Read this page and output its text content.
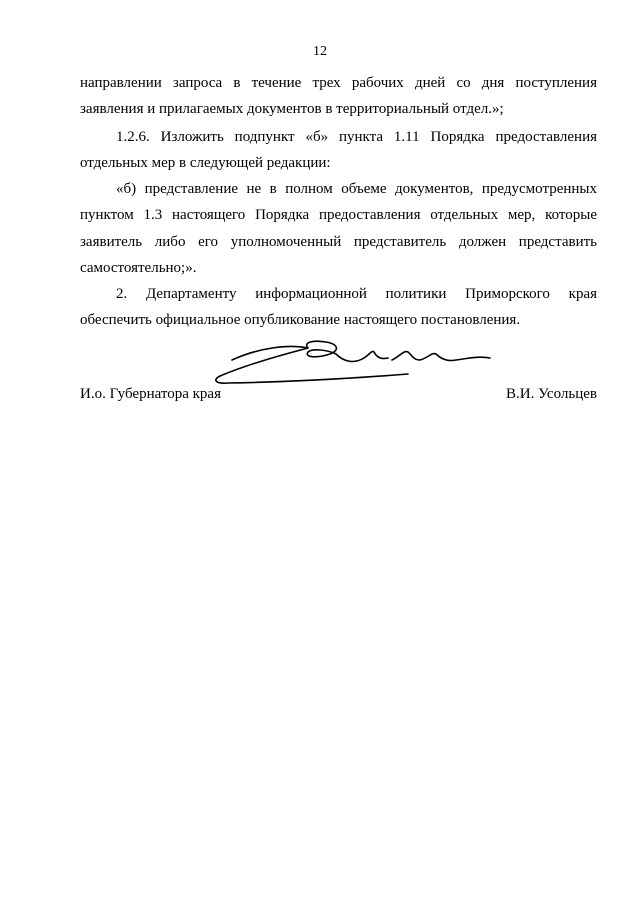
12
направлении запроса в течение трех рабочих дней со дня поступления
заявления и прилагаемых документов в территориальный отдел.»;
1.2.6. Изложить подпункт «б» пункта 1.11 Порядка предоставления
отдельных мер в следующей редакции:
«б) представление не в полном объеме документов, предусмотренных
пунктом 1.3 настоящего Порядка предоставления отдельных мер, которые
заявитель либо его уполномоченный представитель должен представить
самостоятельно;».
2. Департаменту информационной политики Приморского края
обеспечить официальное опубликование настоящего постановления.
И.о. Губернатора края	В.И. Усольцев
